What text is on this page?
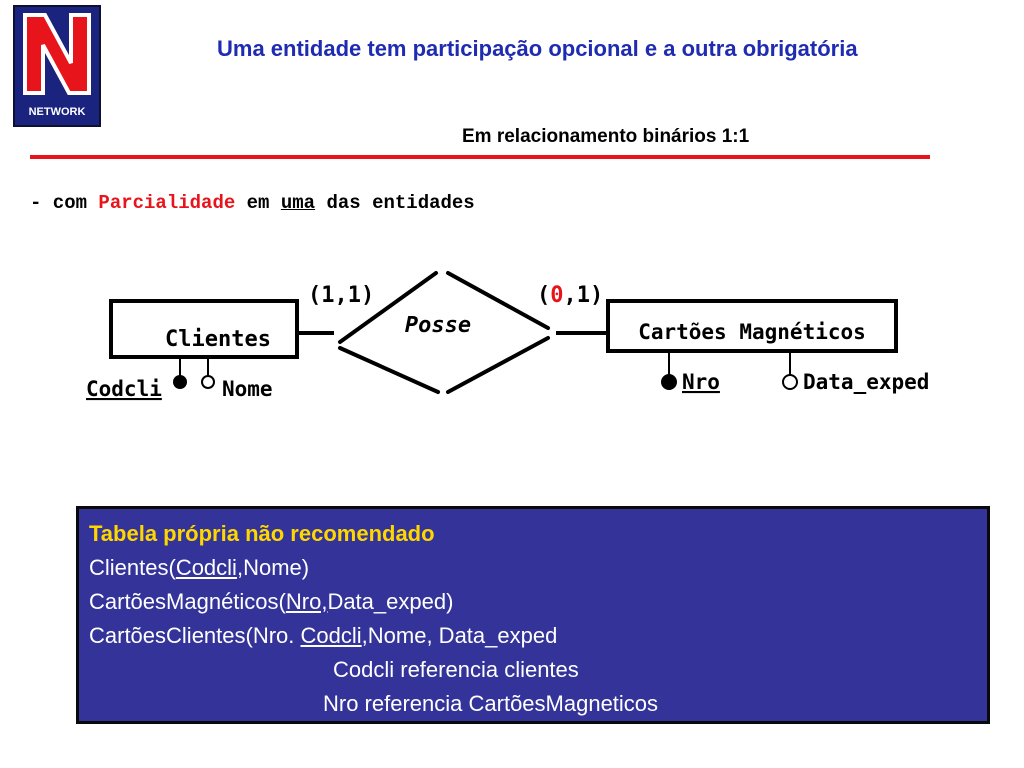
NETWORK
Uma entidade tem participação opcional e a outra obrigatória
Em relacionamento binários 1:1
- com Parcialidade em uma das entidades
Clientes	Cartões Magnéticos
Posse
(1,1)	(0,1)
Codcli	Nome	Nro	Data_exped
Tabela própria não recomendado
Clientes(Codcli,Nome)
CartõesMagnéticos(Nro,Data_exped)
CartõesClientes(Nro. Codcli,Nome, Data_exped
Codcli referencia clientes
Nro referencia CartõesMagneticos
